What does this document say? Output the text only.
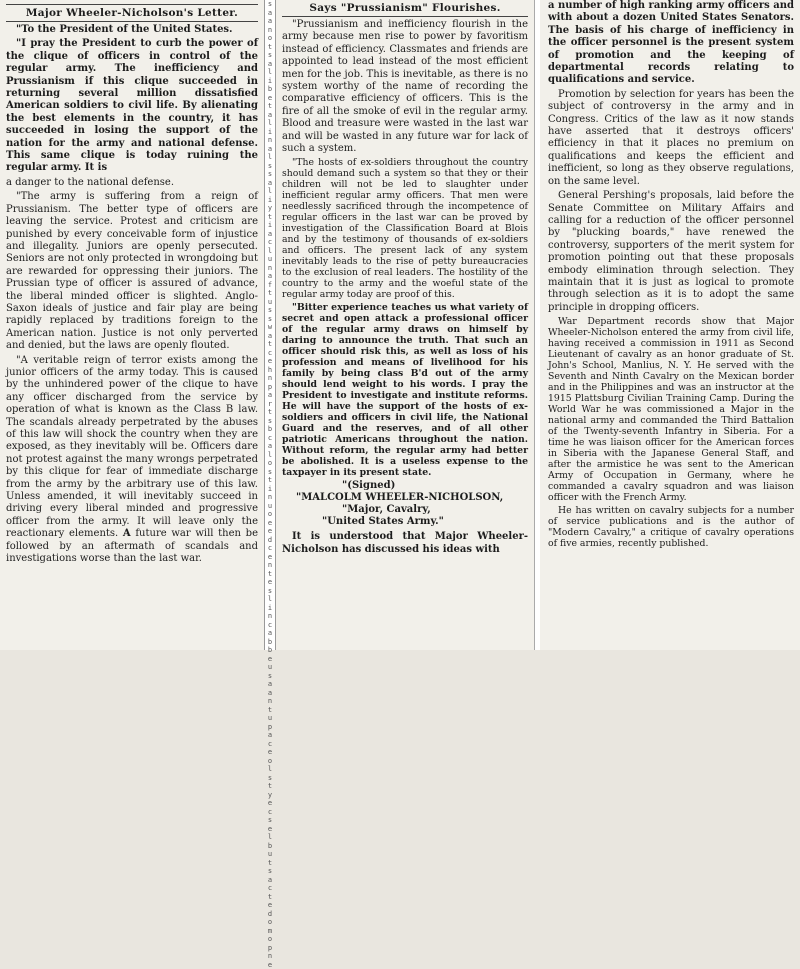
Major Wheeler-Nicholson's Letter.

"To the President of the United States.

"I pray the President to curb the power of the clique of officers in control of the regular army. The inefficiency and Prussianism if this clique succeeded in returning several million dissatisfied American soldiers to civil life. By alienating the best elements in the country, it has succeeded in losing the support of the nation for the army and national defense. This same clique is today ruining the regular army. It is

a danger to the national defense.

"The army is suffering from a reign of Prussianism. The better type of officers are leaving the service. Protest and criticism are punished by every conceivable form of injustice and illegality. Juniors are openly persecuted. Seniors are not only protected in wrongdoing but are rewarded for oppressing their juniors. The Prussian type of officer is assured of advance, the liberal minded officer is slighted. Anglo-Saxon ideals of justice and fair play are being rapidly replaced by traditions foreign to the American nation. Justice is not only perverted and denied, but the laws are openly flouted.

"A veritable reign of terror exists among the junior officers of the army today. This is caused by the unhindered power of the clique to have any officer discharged from the service by operation of what is known as the Class B law. The scandals already perpetrated by the abuses of this law will shock the country when they are exposed, as they inevitably will be. Officers dare not protest against the many wrongs perpetrated by this clique for fear of immediate discharge from the army by the arbitrary use of this law. Unless amended, it will inevitably succeed in driving every liberal minded and progressive officer from the army. It will leave only the reactionary elements. A future war will then be followed by an aftermath of scandals and investigations worse than the last war.

s a a n o t s a l i b e t a l i n a l s s a l i y t i a c l u n a f t u s s w a t c e h n p a r t s b c a l o s t i n u o e e d c e n t e s l i n c a b b e u s a a n t u p a c e o l s t y e c s e l b u t s a c t e d o m o p n e
Says "Prussianism" Flourishes.

"Prussianism and inefficiency flourish in the army because men rise to power by favoritism instead of efficiency. Classmates and friends are appointed to lead instead of the most efficient men for the job. This is inevitable, as there is no system worthy of the name of recording the comparative efficiency of officers. This is the fire of all the smoke of evil in the regular army. Blood and treasure were wasted in the last war and will be wasted in any future war for lack of such a system.

"The hosts of ex-soldiers throughout the country should demand such a system so that they or their children will not be led to slaughter under inefficient regular army officers. That men were needlessly sacrificed through the incompetence of regular officers in the last war can be proved by investigation of the Classification Board at Blois and by the testimony of thousands of ex-soldiers and officers. The present lack of any system inevitably leads to the rise of petty bureaucracies to the exclusion of real leaders. The hostility of the country to the army and the woeful state of the regular army today are proof of this.

"Bitter experience teaches us what variety of secret and open attack a professional officer of the regular army draws on himself by daring to announce the truth. That such an officer should risk this, as well as loss of his profession and means of livelihood for his family by being class B'd out of the army should lend weight to his words. I pray the President to investigate and institute reforms. He will have the support of the hosts of ex-soldiers and officers in civil life, the National Guard and the reserves, and of all other patriotic Americans throughout the nation. Without reform, the regular army had better be abolished. It is a useless expense to the taxpayer in its present state.

"(Signed)

"MALCOLM WHEELER-NICHOLSON,

"Major, Cavalry,

"United States Army."

It is understood that Major Wheeler-Nicholson has discussed his ideas with

a number of high ranking army officers and with about a dozen United States Senators. The basis of his charge of inefficiency in the officer personnel is the present system of promotion and the keeping of departmental records relating to qualifications and service.

Promotion by selection for years has been the subject of controversy in the army and in Congress. Critics of the law as it now stands have asserted that it destroys officers' efficiency in that it places no premium on qualifications and keeps the efficient and inefficient, so long as they observe regulations, on the same level.

General Pershing's proposals, laid before the Senate Committee on Military Affairs and calling for a reduction of the officer personnel by "plucking boards," have renewed the controversy, supporters of the merit system for promotion pointing out that these proposals embody elimination through selection. They maintain that it is just as logical to promote through selection as it is to adopt the same principle in dropping officers.

War Department records show that Major Wheeler-Nicholson entered the army from civil life, having received a commission in 1911 as Second Lieutenant of cavalry as an honor graduate of St. John's School, Manlius, N. Y. He served with the Seventh and Ninth Cavalry on the Mexican border and in the Philippines and was an instructor at the 1915 Plattsburg Civilian Training Camp. During the World War he was commissioned a Major in the national army and commanded the Third Battalion of the Twenty-seventh Infantry in Siberia. For a time he was liaison officer for the American forces in Siberia with the Japanese General Staff, and after the armistice he was sent to the American Army of Occupation in Germany, where he commanded a cavalry squadron and was liaison officer with the French Army.

He has written on cavalry subjects for a number of service publications and is the author of "Modern Cavalry," a critique of cavalry operations of five armies, recently published.
